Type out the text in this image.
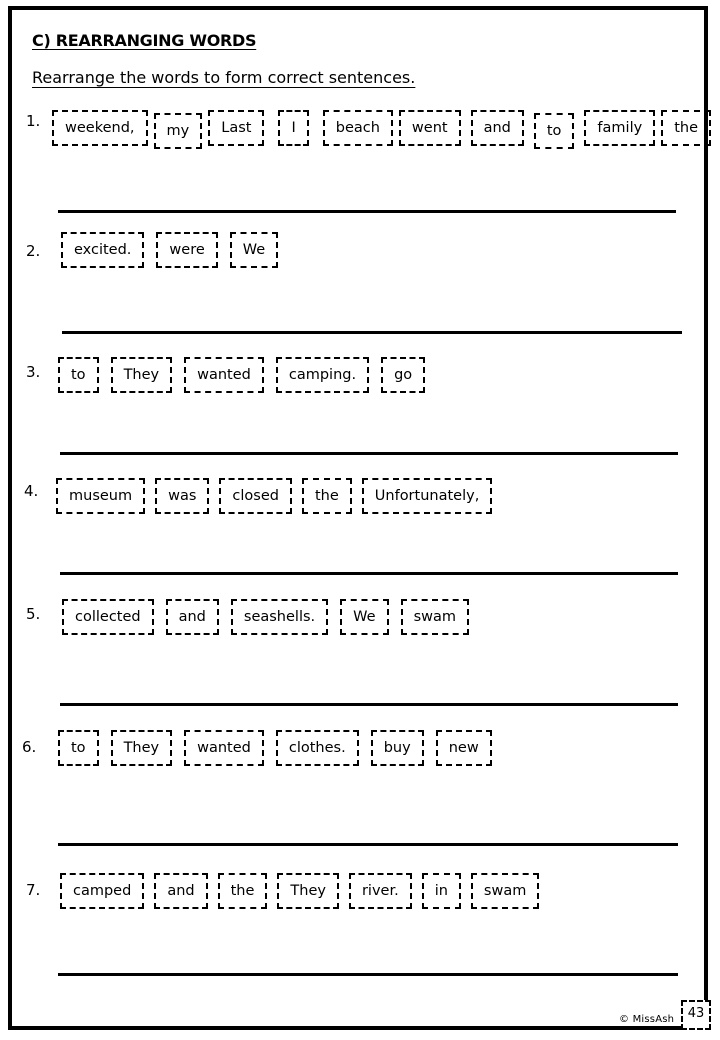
C) REARRANGING WORDS
Rearrange the words to form correct sentences.
1.	weekend,	my	Last	I	beach	went	and	to	family	the
2.	excited.	were	We
3.	to	They	wanted	camping.	go
4.	museum	was	closed	the	Unfortunately,
5.	collected	and	seashells.	We	swam
6.	to	They	wanted	clothes.	buy	new
7.	camped	and	the	They	river.	in	swam
© MissAsh	43
